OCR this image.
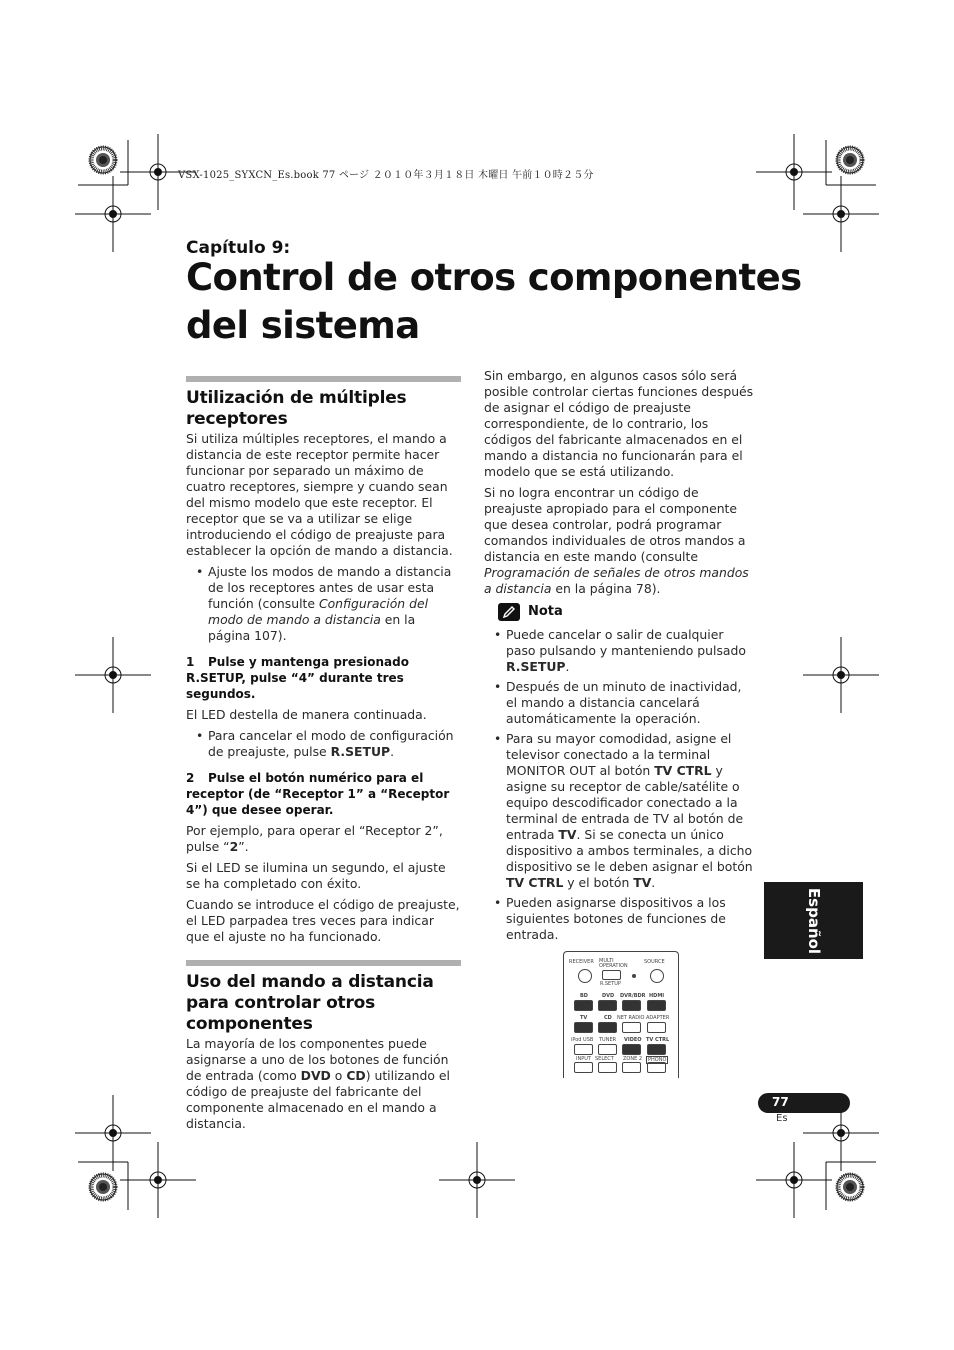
VSX-1025_SYXCN_Es.book 77 ページ ２０１０年３月１８日 木曜日 午前１０時２５分
Capítulo 9:
Control de otros componentes del sistema
Utilización de múltiples receptores

Si utiliza múltiples receptores, el mando a distancia de este receptor permite hacer funcionar por separado un máximo de cuatro receptores, siempre y cuando sean del mismo modelo que este receptor. El receptor que se va a utilizar se elige introduciendo el código de preajuste para establecer la opción de mando a distancia.

• Ajuste los modos de mando a distancia de los receptores antes de usar esta función (consulte Configuración del modo de mando a distancia en la página 107).

1 Pulse y mantenga presionado R.SETUP, pulse “4” durante tres segundos.

El LED destella de manera continuada.

• Para cancelar el modo de configuración de preajuste, pulse R.SETUP.

2 Pulse el botón numérico para el receptor (de “Receptor 1” a “Receptor 4”) que desee operar.

Por ejemplo, para operar el “Receptor 2”, pulse “2”.

Si el LED se ilumina un segundo, el ajuste se ha completado con éxito.

Cuando se introduce el código de preajuste, el LED parpadea tres veces para indicar que el ajuste no ha funcionado.

Uso del mando a distancia para controlar otros componentes

La mayoría de los componentes puede asignarse a uno de los botones de función de entrada (como DVD o CD) utilizando el código de preajuste del fabricante del componente almacenado en el mando a distancia.

Sin embargo, en algunos casos sólo será posible controlar ciertas funciones después de asignar el código de preajuste correspondiente, de lo contrario, los códigos del fabricante almacenados en el mando a distancia no funcionarán para el modelo que se está utilizando.

Si no logra encontrar un código de preajuste apropiado para el componente que desea controlar, podrá programar comandos individuales de otros mandos a distancia en este mando (consulte Programación de señales de otros mandos a distancia en la página 78).

Nota
• Puede cancelar o salir de cualquier paso pulsando y manteniendo pulsado R.SETUP.
• Después de un minuto de inactividad, el mando a distancia cancelará automáticamente la operación.
• Para su mayor comodidad, asigne el televisor conectado a la terminal MONITOR OUT al botón TV CTRL y asigne su receptor de cable/satélite o equipo descodificador conectado a la terminal de entrada de TV al botón de entrada TV. Si se conecta un único dispositivo a ambos terminales, a dicho dispositivo se le deben asignar el botón TV CTRL y el botón TV.
• Pueden asignarse dispositivos a los siguientes botones de funciones de entrada.
RECEIVER MULTI OPERATION
SOURCE
R.SETUP
BD	DVD DVR/BDR HDMI
TV	CD NET RADIO ADAPTER
iPod USB TUNER VIDEO TV CTRL
INPUT SELECT ZONE 2	PHONO
Español
77
Es
